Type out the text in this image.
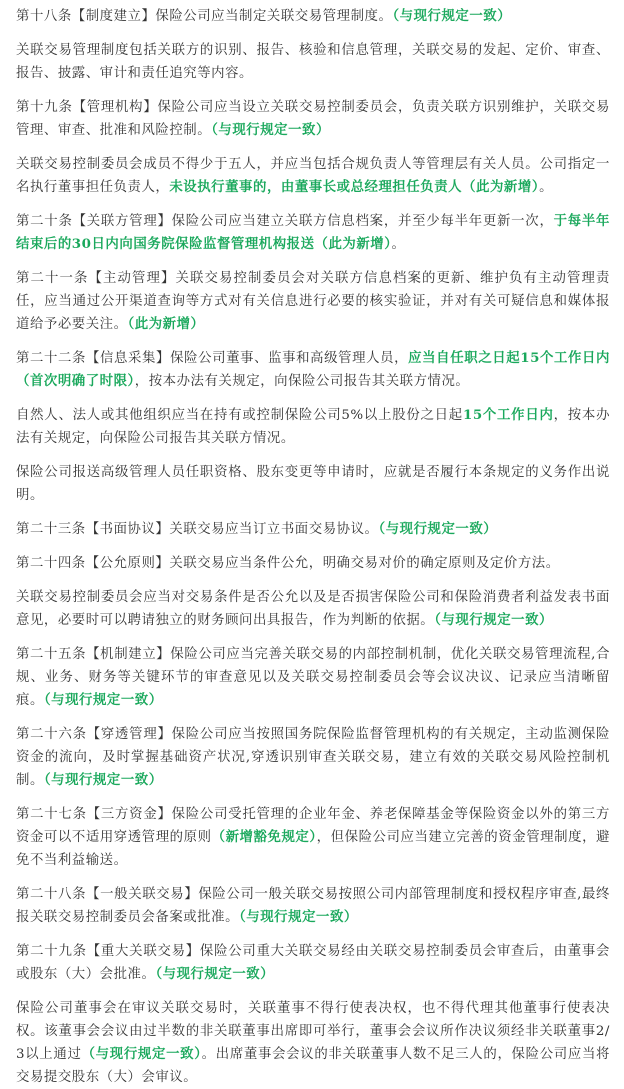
第十八条【制度建立】保险公司应当制定关联交易管理制度。（与现行规定一致）

关联交易管理制度包括关联方的识别、报告、核验和信息管理，关联交易的发起、定价、审查、报告、披露、审计和责任追究等内容。

第十九条【管理机构】保险公司应当设立关联交易控制委员会，负责关联方识别维护，关联交易管理、审查、批准和风险控制。（与现行规定一致）

关联交易控制委员会成员不得少于五人，并应当包括合规负责人等管理层有关人员。公司指定一名执行董事担任负责人，未设执行董事的，由董事长或总经理担任负责人（此为新增）。

第二十条【关联方管理】保险公司应当建立关联方信息档案，并至少每半年更新一次，于每半年结束后的30日内向国务院保险监督管理机构报送（此为新增）。

第二十一条【主动管理】关联交易控制委员会对关联方信息档案的更新、维护负有主动管理责任，应当通过公开渠道查询等方式对有关信息进行必要的核实验证，并对有关可疑信息和媒体报道给予必要关注。（此为新增）

第二十二条【信息采集】保险公司董事、监事和高级管理人员，应当自任职之日起15个工作日内（首次明确了时限），按本办法有关规定，向保险公司报告其关联方情况。

自然人、法人或其他组织应当在持有或控制保险公司5%以上股份之日起15个工作日内，按本办法有关规定，向保险公司报告其关联方情况。

保险公司报送高级管理人员任职资格、股东变更等申请时，应就是否履行本条规定的义务作出说明。

第二十三条【书面协议】关联交易应当订立书面交易协议。（与现行规定一致）

第二十四条【公允原则】关联交易应当条件公允，明确交易对价的确定原则及定价方法。

关联交易控制委员会应当对交易条件是否公允以及是否损害保险公司和保险消费者利益发表书面意见，必要时可以聘请独立的财务顾问出具报告，作为判断的依据。（与现行规定一致）

第二十五条【机制建立】保险公司应当完善关联交易的内部控制机制，优化关联交易管理流程,合规、业务、财务等关键环节的审查意见以及关联交易控制委员会等会议决议、记录应当清晰留痕。（与现行规定一致）

第二十六条【穿透管理】保险公司应当按照国务院保险监督管理机构的有关规定，主动监测保险资金的流向，及时掌握基础资产状况,穿透识别审查关联交易，建立有效的关联交易风险控制机制。（与现行规定一致）

第二十七条【三方资金】保险公司受托管理的企业年金、养老保障基金等保险资金以外的第三方资金可以不适用穿透管理的原则（新增豁免规定），但保险公司应当建立完善的资金管理制度，避免不当利益输送。

第二十八条【一般关联交易】保险公司一般关联交易按照公司内部管理制度和授权程序审查,最终报关联交易控制委员会备案或批准。（与现行规定一致）

第二十九条【重大关联交易】保险公司重大关联交易经由关联交易控制委员会审查后，由董事会或股东（大）会批准。（与现行规定一致）

保险公司董事会在审议关联交易时，关联董事不得行使表决权，也不得代理其他董事行使表决权。该董事会会议由过半数的非关联董事出席即可举行，董事会会议所作决议须经非关联董事2/3以上通过（与现行规定一致）。出席董事会会议的非关联董事人数不足三人的，保险公司应当将交易提交股东（大）会审议。
